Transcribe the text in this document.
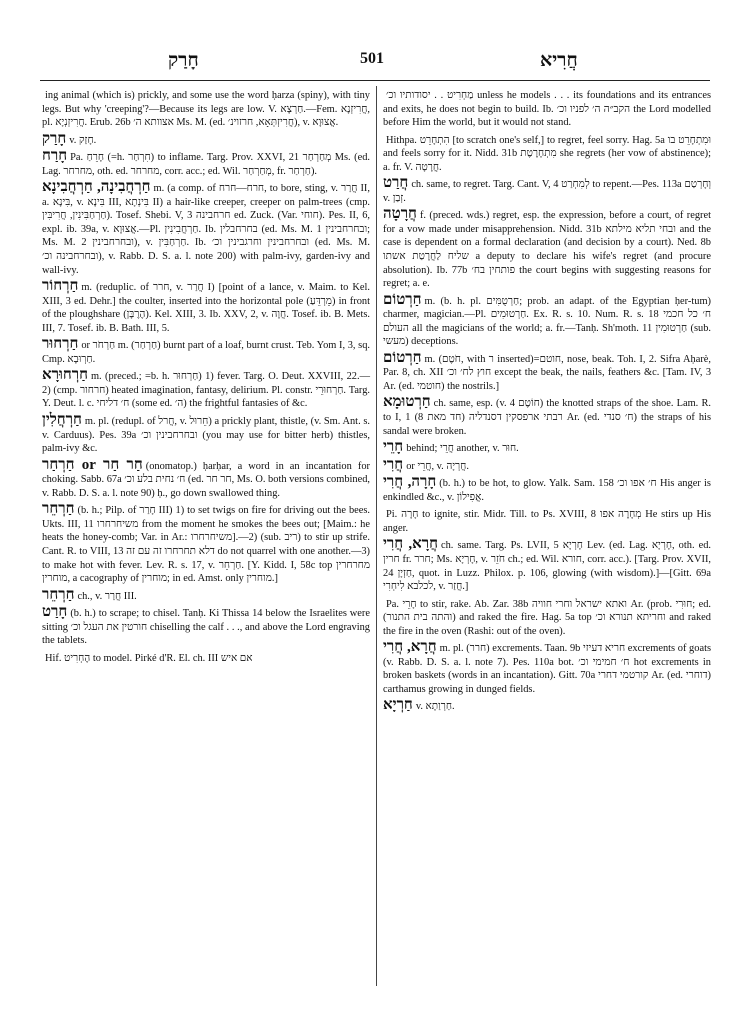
חָרַק	501	חֲרִיא

ing animal (which is) prickly, and some use the word ḥarza (spiny), with tiny legs. But why 'creeping'?—Because its legs are low. V. חַרְצָא.—Fem. חֲרִיזְנָא, pl. חֲרִיזְנְיָא. Erub. 26b אצוותא ה׳ Ms. M. (ed. חֲרִיזְתְּאָא, חרזוינ׳), v. אֲצוּוָא.

חָרַק v. חָזַק.

חָרַח Pa. חָרֵחַ (=h. חִרְחַר) to inflame. Targ. Prov. XXVI, 21 מְחַרְחַר Ms. (ed. Lag. מחרחר, oth. ed. מחרחר, corr. acc.; ed. Wil. מְחַרְחַר, fr. חַרְחַר).

חַרְחֲבִינָה, חַרְחֲבִינָא m. (a comp. of חרח—חרח, to bore, sting, v. חֲרַר II, a. בִּינָא, v. בִּינָא III, בִּינְתָא II) a hair-like creeper, creeper on palm-trees (cmp. חַרְחַבִּינִין, חֲרִיבִּין). Tosef. Shebi. V, 3 חרחבינה ed. Zuck. (Var. חוחי). Pes. II, 6, expl. ib. 39a, v. אֲצוּוָא.—Pl. חַרְחֲבִינִין. Ib. בחרחבלין (ed. Ms. M. 1 ובחרחבינין; Ms. M. 2 ובחרחבינין), v. חַרְחַבִּין. Ib. ובחרחבינין וחרגבינין וכ׳ (ed. Ms. M. ובחרחבינה וכ׳), v. Rabb. D. S. a. l. note 200) with palm-ivy, garden-ivy and wall-ivy.

חַרְחוֹר m. (reduplic. of חרר, v. חֲרַר I) [point of a lance, v. Maim. to Kel. XIII, 3 ed. Dehr.] the coulter, inserted into the horizontal pole (מֵרְדֵּעַ) in front of the ploughshare (הֶרֶבָּן). Kel. XIII, 3. Ib. XXV, 2, v. חֲוָה. Tosef. ib. B. Mets. III, 7. Tosef. ib. B. Bath. III, 5.

חַרְחוּר or חַרְחֹר m. (חַרְחַר) burnt part of a loaf, burnt crust. Teb. Yom I, 3, sq. Cmp. חַרְוּבָא.

חַרְחוּרָא m. (preced.; =b. h. חַרְחוּר) 1) fever. Targ. O. Deut. XXVIII, 22.—2) (cmp. חרחור) heated imagination, fantasy, delirium. Pl. constr. חַרְחוּרֵי. Targ. Y. Deut. l. c. ח׳ דליחי (some ed. ה׳) the frightful fantasies of &c.

חַרְחֲלִין m. pl. (redupl. of חֲרל, v. חֵרוּל) a prickly plant, thistle, (v. Sm. Ant. s. v. Carduus). Pes. 39a ובחרחבינין וכ׳ (you may use for bitter herb) thistles, palm-ivy &c.

חַר חַר or חַרְחַר (onomatop.) ḥarḥar, a word in an incantation for choking. Sabb. 67a ח׳ נחית בלע וכ׳ (ed. חר חר, Ms. O. both versions combined, v. Rabb. D. S. a. l. note 90) ḥ., go down swallowed thing.

חַרְחֵר (b. h.; Pilp. of חָרַר III) 1) to set twigs on fire for driving out the bees. Ukts. III, 11 משיחרחרו from the moment he smokes the bees out; [Maim.: he heats the honey-comb; Var. in Ar.: משיחרחרו].—2) (sub. ריב) to stir up strife. Cant. R. to VIII, 13 דלא תחרחרו זה עם זה do not quarrel with one another.—3) to make hot with fever. Lev. R. s. 17, v. חַרְחֵר. [Y. Kidd. I, 58c top מחרחרין מוחרין, a cacography of מוחרין; in ed. Amst. only מוחרין.]

חַרְחֵר ch., v. חֲרַר III.

חָרַט (b. h.) to scrape; to chisel. Tanḥ. Ki Thissa 14 below the Israelites were sitting חורטין את העגל וכ׳ chiselling the calf . . ., and above the Lord engraving the tablets.

Hif. הֶחְרִיט to model. Pirké d'R. El. ch. III אם איש

מַחְרִיט . . יסודותיו וכ׳ unless he models . . . its foundations and its entrances and exits, he does not begin to build. Ib. הקב״ה ה׳ לפניו וכ׳ the Lord modelled before Him the world, but it would not stand.

Hithpa. הִתְחָרֵט [to scratch one's self,] to regret, feel sorry. Hag. 5a וּמִתְחָרֵט בו and feels sorry for it. Nidd. 31b מִתְחָרֶטֶת she regrets (her vow of abstinence); a. fr. V. חֲרָטָה.

חֲרַט ch. same, to regret. Targ. Cant. V, 4 לְמִחְרַט to repent.—Pes. 113a וְחָרְטַם v. זְבַן.

חֲרָטָה f. (preced. wds.) regret, esp. the expression, before a court, of regret for a vow made under misapprehension. Nidd. 31b ובחי תליא מילתא and the case is dependent on a formal declaration (and decision by a court). Ned. 8b שליח לַחֲרָטַת אשתו a deputy to declare his wife's regret (and procure absolution). Ib. 77b פותחין בח׳ the court begins with suggesting reasons for regret; a. e.

חַרְטוֹם m. (b. h. pl. חַרְטֻמִּים; prob. an adapt. of the Egyptian ḥer-tum) charmer, magician.—Pl. חַרְטוּמִים. Ex. R. s. 10. Num. R. s. 18 ח׳ כל חכמי העולם all the magicians of the world; a. fr.—Tanḥ. Sh'moth. 11 חַרְטוּמִין (sub. מעשי) deceptions.

חַרְטוֹם m. (חֹטֶם, with ר inserted)=חוטם, nose, beak. Toh. I, 2. Sifra Aḥarè, Par. 8, ch. XII חוץ לח׳ וכ׳ except the beak, the nails, feathers &c. [Tam. IV, 3 Ar. (ed. חוטמי) the nostrils.]

חַרְטוּמָא ch. same, esp. (v. חוֹטֶם 4) the knotted straps of the shoe. Lam. R. to I, 1 (8 חד מאת) רבתי ארפסקין דסנדליה Ar. (ed. ח׳ סנדי) the straps of his sandal were broken.

חָרֵי behind; חֲרֵי another, v. חוּר.

חֲרִי or חֲרֵי, v. חֲרְיָה.

חָרָה, חֲרִי (b. h.) to be hot, to glow. Yalk. Sam. 158 ח׳ אפו וכ׳ His anger is enkindled &c., v. אֲפִילוֹן.

Pi. חָרָה to ignite, stir. Midr. Till. to Ps. XVIII, 8 מְחָרֶה אפו He stirs up His anger.

חֲרָא, חֲרִי ch. same. Targ. Ps. LVII, 5 חָרְיָא Lev. (ed. Lag. חָרְיָא, oth. ed. חרין fr. חרר; Ms. חָרְיָא, v. חֹזֵר ch.; ed. Wil. חורא, corr. acc.). [Targ. Prov. XVII, 24 חַזְיָן, quot. in Luzz. Philox. p. 106, glowing (with wisdom).]—[Gitt. 69a לכלבא לִיחְרִי, v. חֲזַר.]

Pa. חָרֵי to stir, rake. Ab. Zar. 38b ואתא ישראל וחרי חוויה Ar. (prob. חוּרִי; ed. (והתה בית התנור) and raked the fire. Hag. 5a top וחריתא תנורא וכ׳ and raked the fire in the oven (Rashi: out of the oven).

חֲרָא, חֲרִי m. pl. (חרר) excrements. Taan. 9b חריא דעיזי excrements of goats (v. Rabb. D. S. a. l. note 7). Pes. 110a bot. ח׳ חמימי וכ׳ hot excrements in broken baskets (words in an incantation). Gitt. 70a קורטמי דחרי Ar. (ed. דוחרי) carthamus growing in dunged fields.

חַרְיָא v. חַרְוַתָא.
